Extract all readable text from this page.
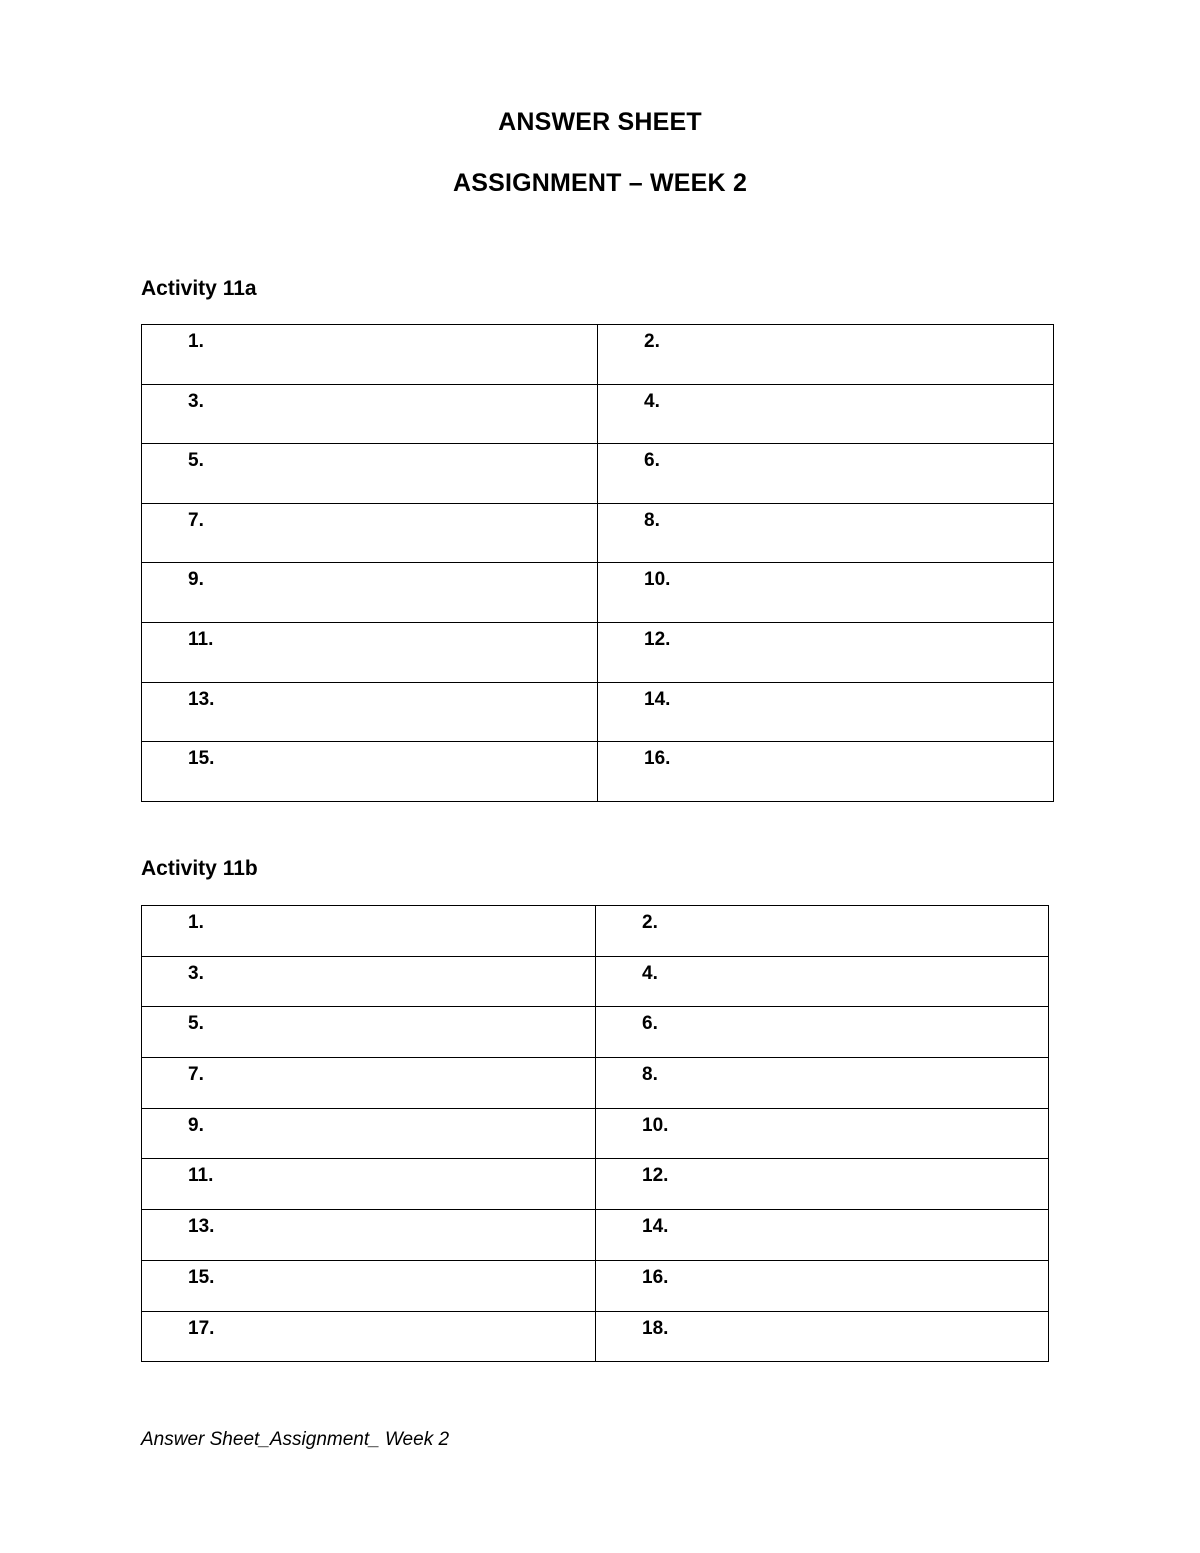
ANSWER SHEET
ASSIGNMENT – WEEK 2
Activity 11a
1.	2.
3.	4.
5.	6.
7.	8.
9.	10.
11.	12.
13.	14.
15.	16.
Activity 11b
1.	2.
3.	4.
5.	6.
7.	8.
9.	10.
11.	12.
13.	14.
15.	16.
17.	18.
Answer Sheet_Assignment_ Week 2
